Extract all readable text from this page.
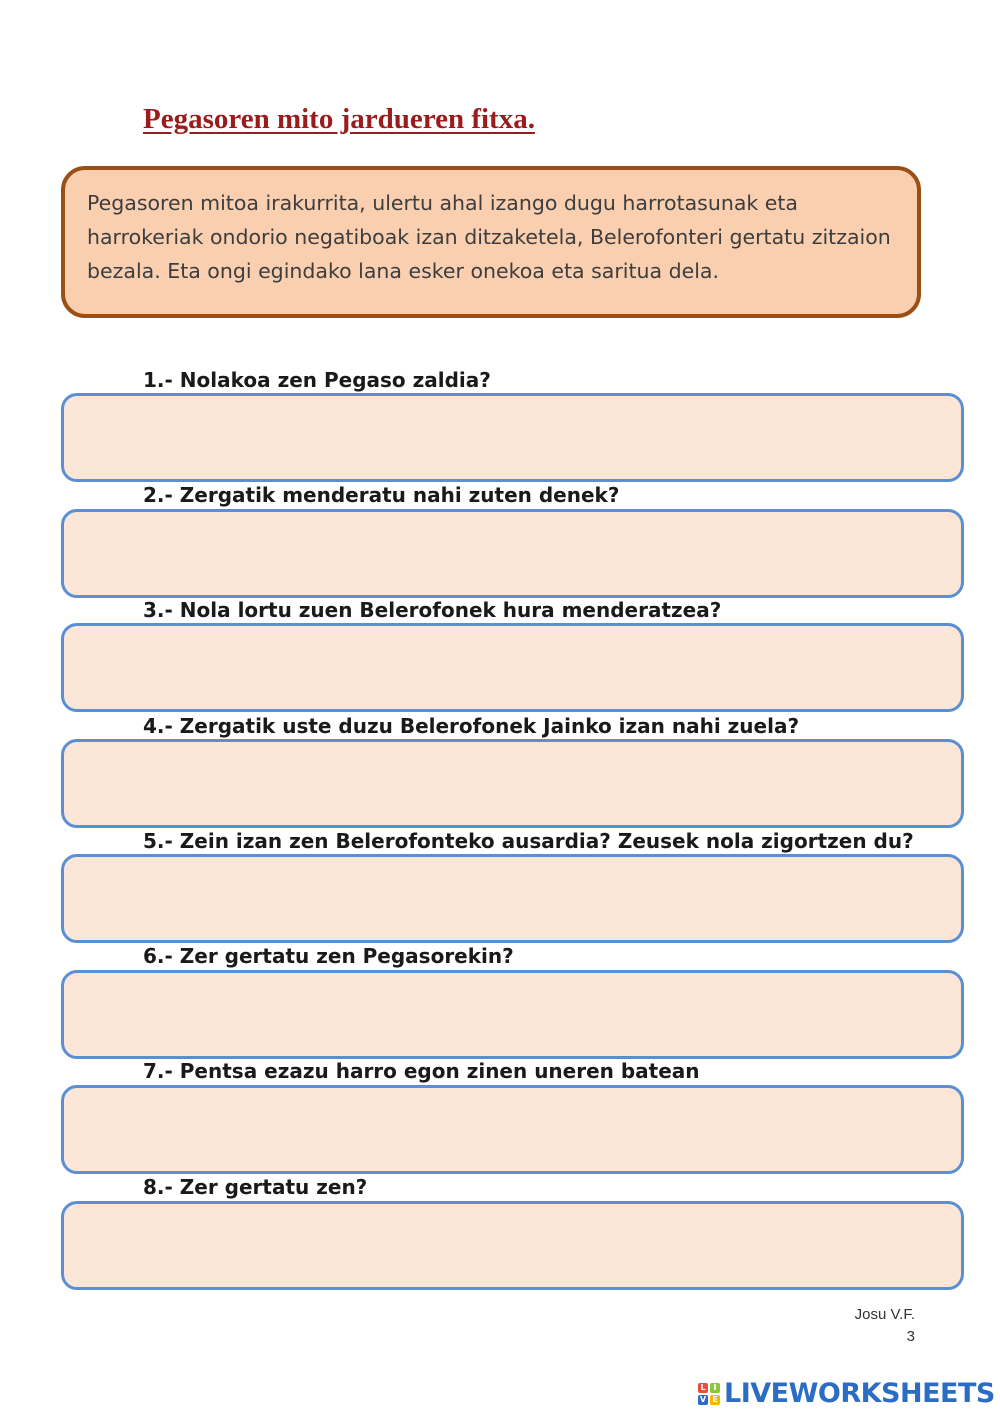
Pegasoren mito jardueren fitxa.

Pegasoren mitoa irakurrita, ulertu ahal izango dugu harrotasunak eta harrokeriak ondorio negatiboak izan ditzaketela, Belerofonteri gertatu zitzaion bezala. Eta ongi egindako lana esker onekoa eta saritua dela.

1.- Nolakoa zen Pegaso zaldia?
2.- Zergatik menderatu nahi zuten denek?
3.- Nola lortu zuen Belerofonek hura menderatzea?
4.- Zergatik uste duzu Belerofonek Jainko izan nahi zuela?
5.- Zein izan zen Belerofonteko ausardia? Zeusek nola zigortzen du?
6.- Zer gertatu zen Pegasorekin?
7.- Pentsa ezazu harro egon zinen uneren batean
8.- Zer gertatu zen?
Josu V.F.
3
L I
V E LIVEWORKSHEETS
